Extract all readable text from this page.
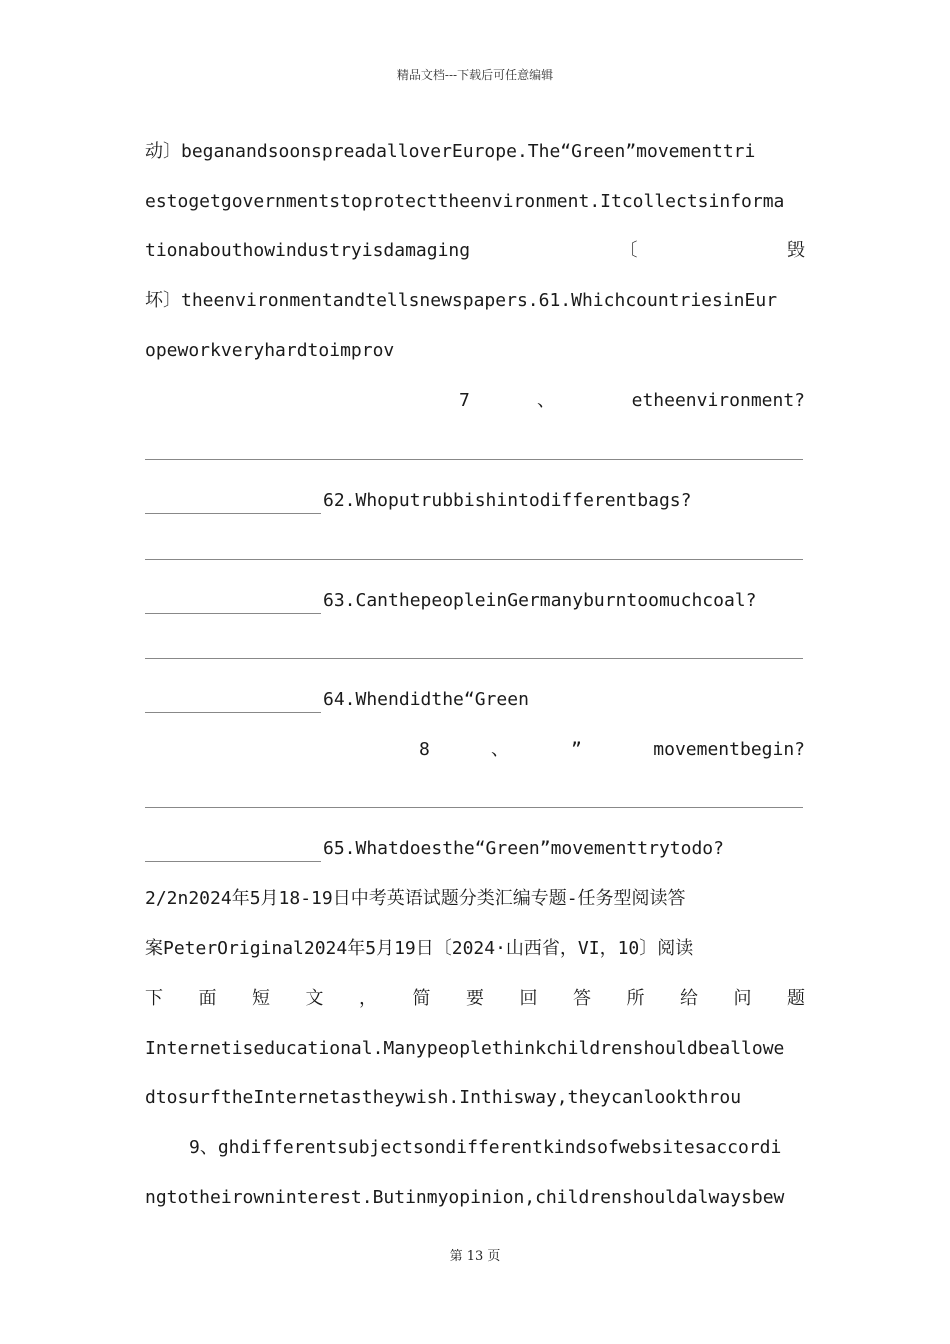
精品文档---下载后可任意编辑
动〕beganandsoonspreadalloverEurope.The“Green”movementtri
estogetgovernmentstoprotecttheenvironment.Itcollectsinforma
tionabouthowindustryisdamaging	〔	毁
坏〕theenvironmentandtellsnewspapers.61.WhichcountriesinEur
opeworkveryhardtoimprov
7	、	etheenvironment?
62.Whoputrubbishintodifferentbags?
63.CanthepeopleinGermanyburntoomuchcoal?
64.Whendidthe“Green
8	、	”	movementbegin?
65.Whatdoesthe“Green”movementtrytodo?
2/2n2024年5月18-19日中考英语试题分类汇编专题-任务型阅读答
案PeterOriginal2024年5月19日〔2024·山西省，VI，10〕阅读
下 面 短 文 ， 简 要 回 答 所 给 问 题
Internetiseducational.Manypeoplethinkchildrenshouldbeallowe
dtosurftheInternetastheywish.Inthisway,theycanlookthrou
9、ghdifferentsubjectsondifferentkindsofwebsitesaccordi
ngtotheirowninterest.Butinmyopinion,childrenshouldalwaysbew
第 13 页
